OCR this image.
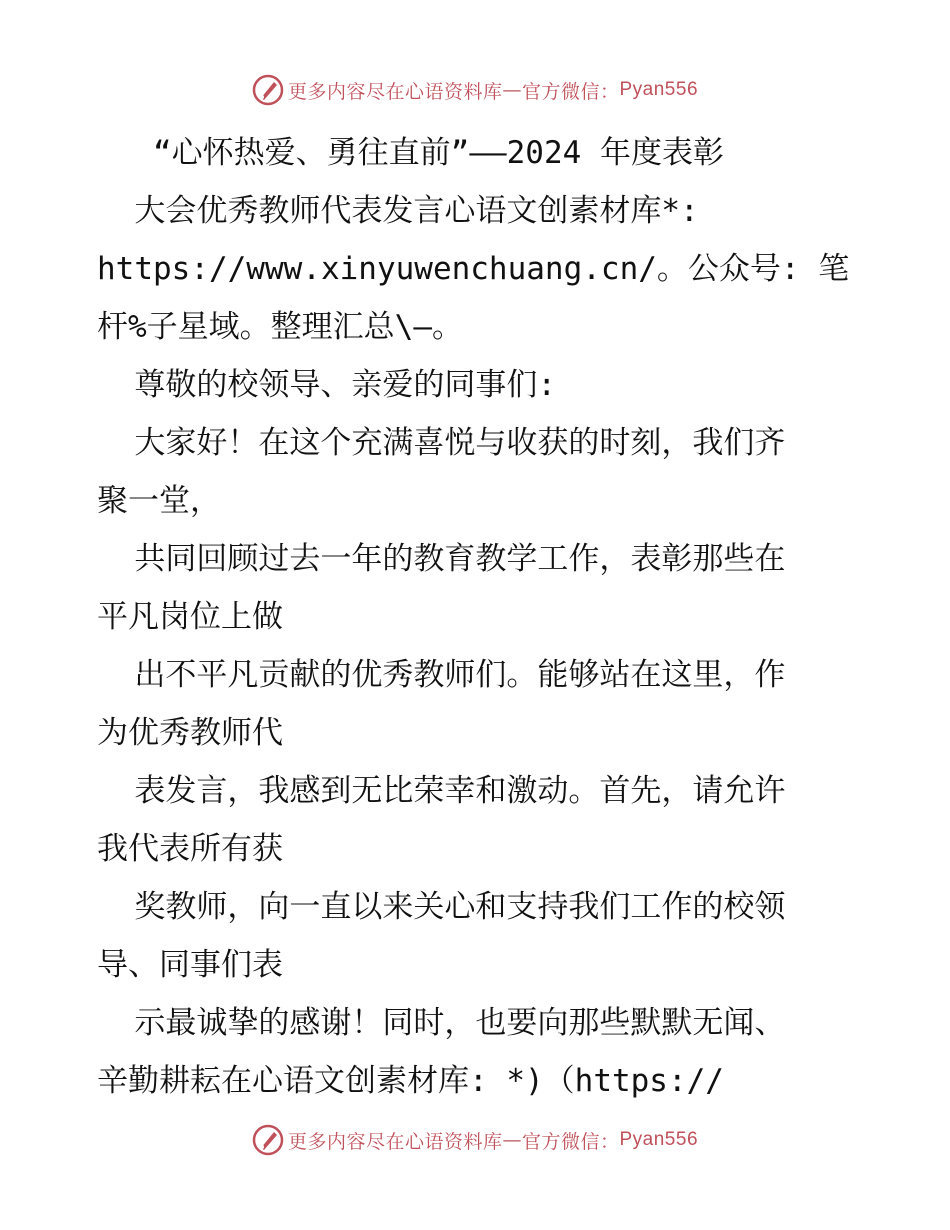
更多内容尽在心语资料库 — 官方微信： Pyan556

“心怀热爱、勇往直前”——2024 年度表彰

大会优秀教师代表发言心语文创素材库*:

https://www.xinyuwenchuang.cn/。公众号: 笔

杆%子星域。整理汇总\—。

尊敬的校领导、亲爱的同事们:

大家好！在这个充满喜悦与收获的时刻，我们齐

聚一堂，

共同回顾过去一年的教育教学工作，表彰那些在

平凡岗位上做

出不平凡贡献的优秀教师们。能够站在这里，作

为优秀教师代

表发言，我感到无比荣幸和激动。首先，请允许

我代表所有获

奖教师，向一直以来关心和支持我们工作的校领

导、同事们表

示最诚挚的感谢！同时，也要向那些默默无闻、

辛勤耕耘在心语文创素材库: *)（https://

更多内容尽在心语资料库 — 官方微信： Pyan556
